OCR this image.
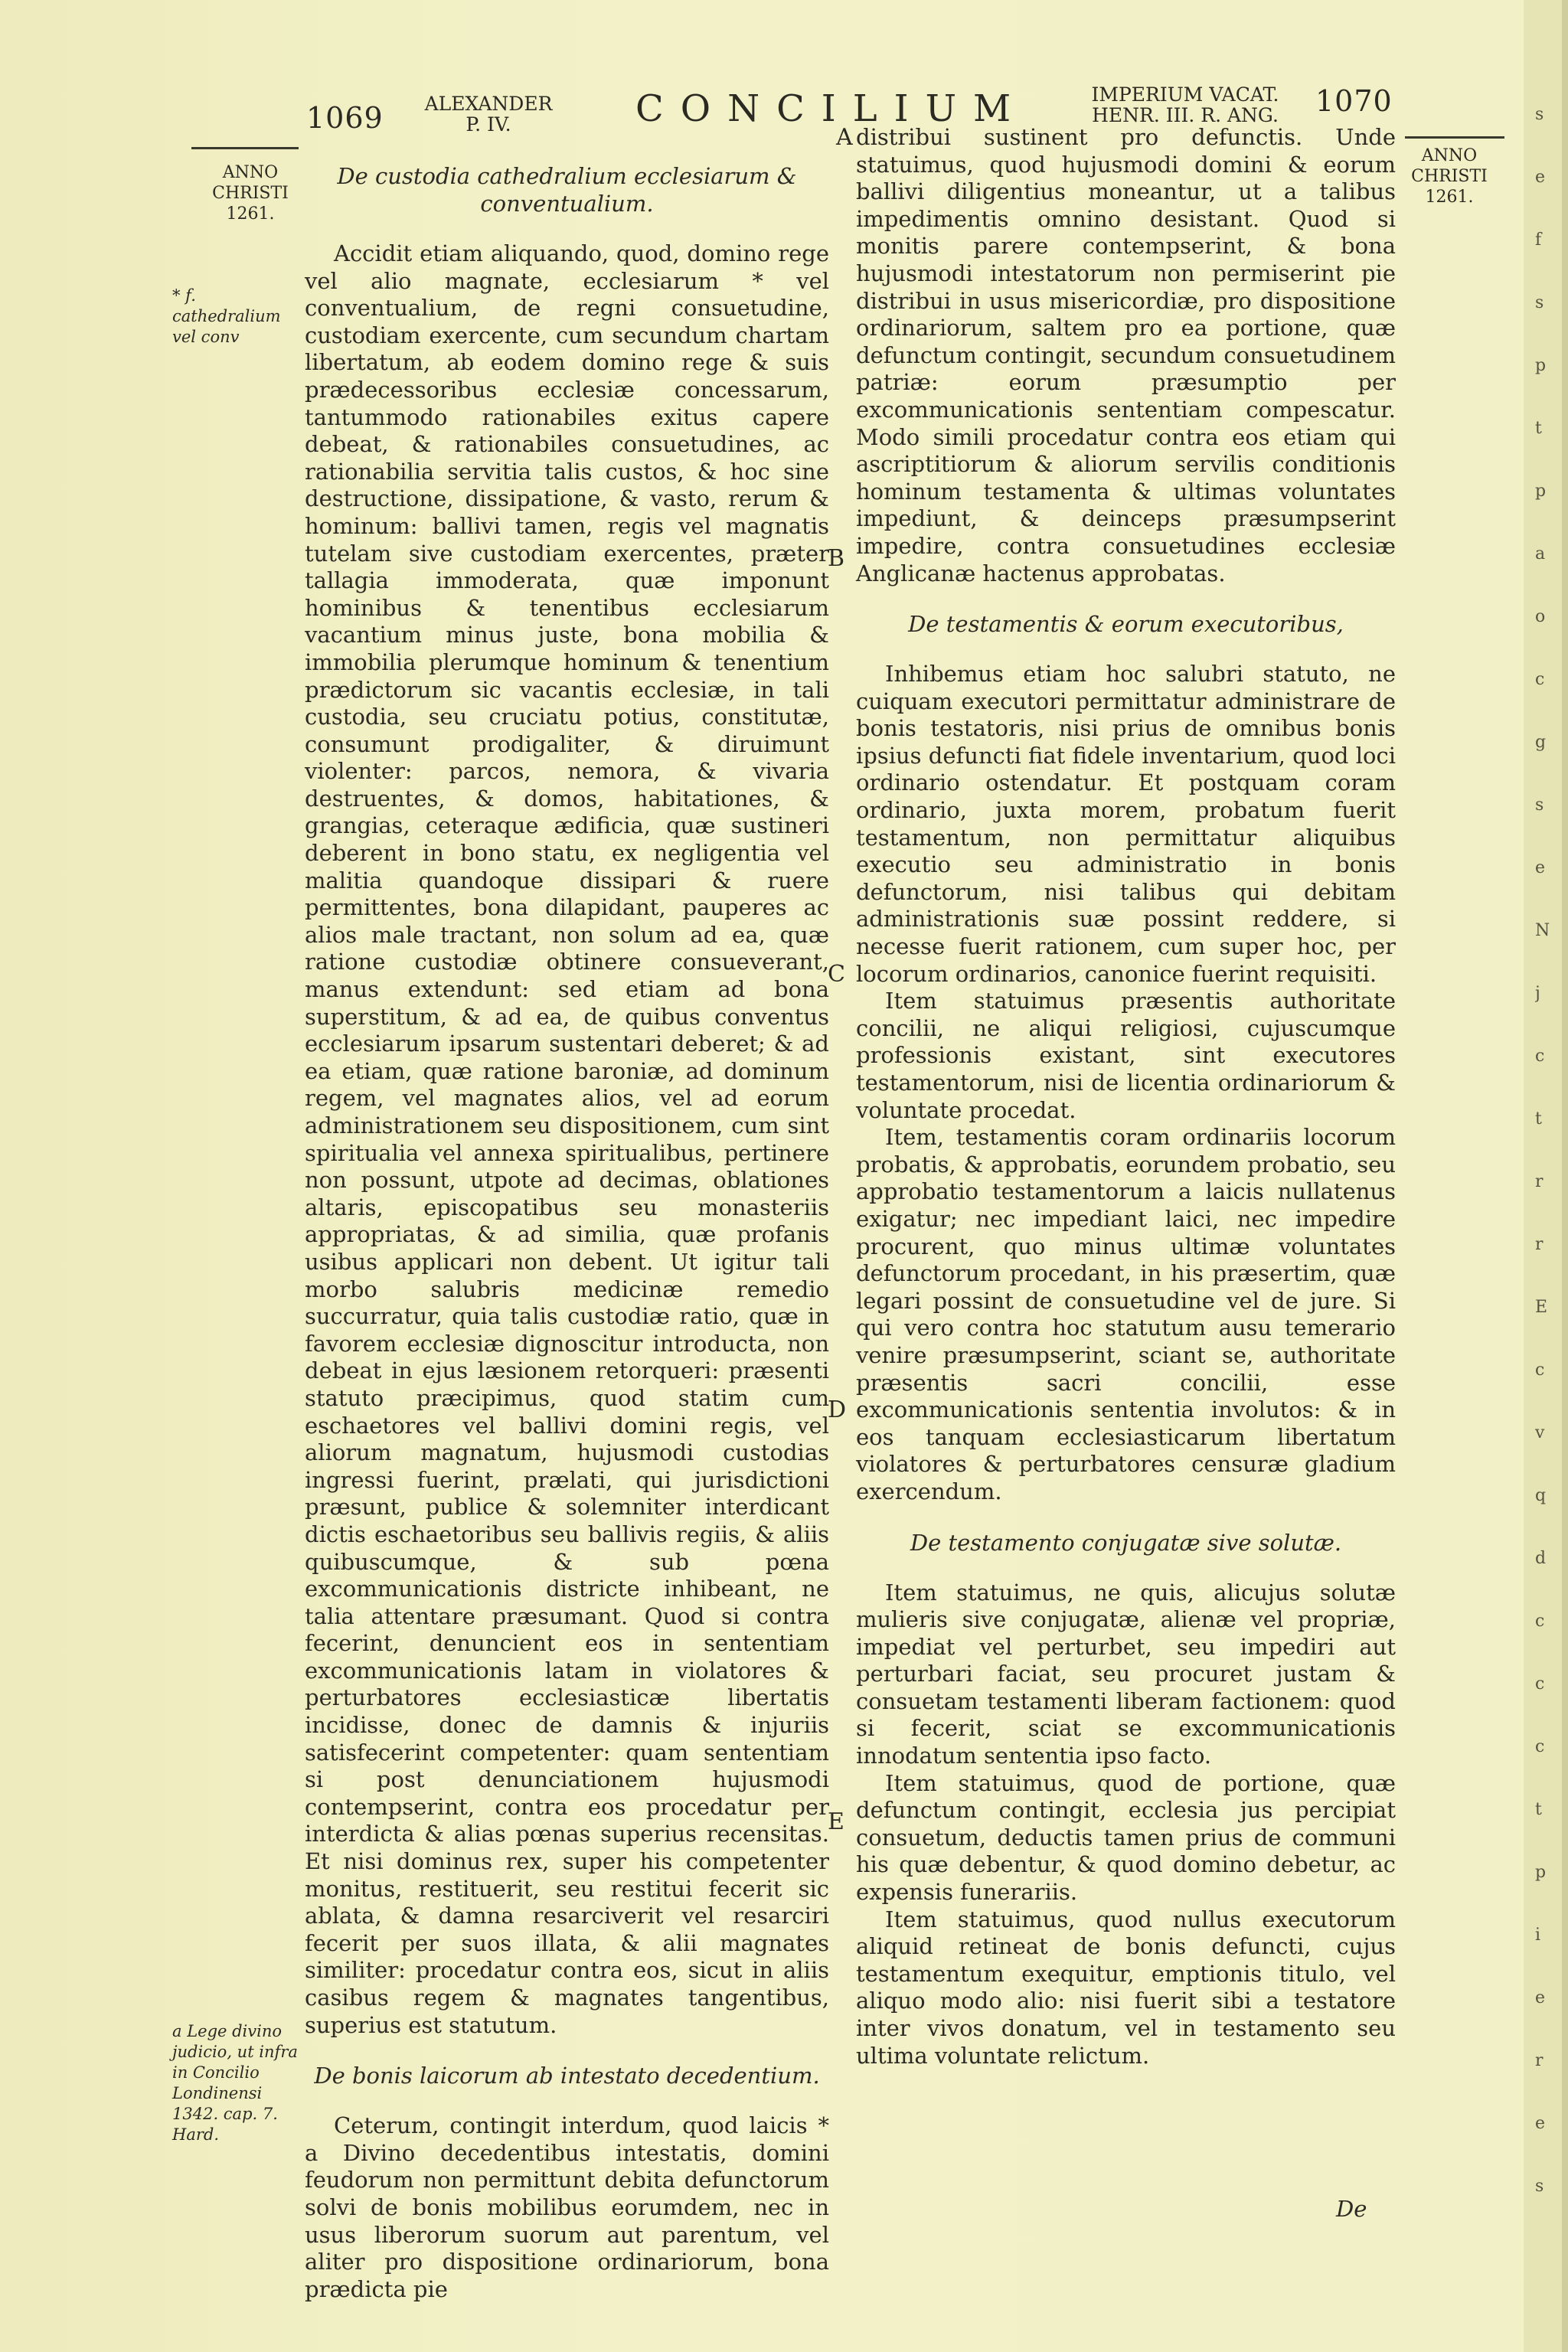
s
e
f
s
p
t
p
a
o
c
g
s
e
N
j
c
t
r
r
E
c
v
q
d
c
c
c
t
p
i
e
r
e
s
1069 ALEXANDER
P. IV.	CONCILIUM	IMPERIUM VACAT.
HENR. III. R. ANG.	1070
ANNO
CHRISTI
1261.
ANNO
CHRISTI
1261.
* f. cathedralium vel conv
a Lege divino judicio, ut infra in Concilio Londinensi 1342. cap. 7. Hard.
A
B
C
D
E

De custodia cathedralium ecclesiarum & conventualium.

Accidit etiam aliquando, quod, domino rege vel alio magnate, ecclesiarum * vel conventualium, de regni consuetudine, custodiam exercente, cum secundum chartam libertatum, ab eodem domino rege & suis prædecessoribus ecclesiæ concessarum, tantummodo rationabiles exitus capere debeat, & rationabiles consuetudines, ac rationabilia servitia talis custos, & hoc sine destructione, dissipatione, & vasto, rerum & hominum: ballivi tamen, regis vel magnatis tutelam sive custodiam exercentes, præter tallagia immoderata, quæ imponunt hominibus & tenentibus ecclesiarum vacantium minus juste, bona mobilia & immobilia plerumque hominum & tenentium prædictorum sic vacantis ecclesiæ, in tali custodia, seu cruciatu potius, constitutæ, consumunt prodigaliter, & diruimunt violenter: parcos, nemora, & vivaria destruentes, & domos, habitationes, & grangias, ceteraque ædificia, quæ sustineri deberent in bono statu, ex negligentia vel malitia quandoque dissipari & ruere permittentes, bona dilapidant, pauperes ac alios male tractant, non solum ad ea, quæ ratione custodiæ obtinere consueverant, manus extendunt: sed etiam ad bona superstitum, & ad ea, de quibus conventus ecclesiarum ipsarum sustentari deberet; & ad ea etiam, quæ ratione baroniæ, ad dominum regem, vel magnates alios, vel ad eorum administrationem seu dispositionem, cum sint spiritualia vel annexa spiritualibus, pertinere non possunt, utpote ad decimas, oblationes altaris, episcopatibus seu monasteriis appropriatas, & ad similia, quæ profanis usibus applicari non debent. Ut igitur tali morbo salubris medicinæ remedio succurratur, quia talis custodiæ ratio, quæ in favorem ecclesiæ dignoscitur introducta, non debeat in ejus læsionem retorqueri: præsenti statuto præcipimus, quod statim cum eschaetores vel ballivi domini regis, vel aliorum magnatum, hujusmodi custodias ingressi fuerint, prælati, qui jurisdictioni præsunt, publice & solemniter interdicant dictis eschaetoribus seu ballivis regiis, & aliis quibuscumque, & sub pœna excommunicationis districte inhibeant, ne talia attentare præsumant. Quod si contra fecerint, denuncient eos in sententiam excommunicationis latam in violatores & perturbatores ecclesiasticæ libertatis incidisse, donec de damnis & injuriis satisfecerint competenter: quam sententiam si post denunciationem hujusmodi contempserint, contra eos procedatur per interdicta & alias pœnas superius recensitas. Et nisi dominus rex, super his competenter monitus, restituerit, seu restitui fecerit sic ablata, & damna resarciverit vel resarciri fecerit per suos illata, & alii magnates similiter: procedatur contra eos, sicut in aliis casibus regem & magnates tangentibus, superius est statutum.

De bonis laicorum ab intestato decedentium.

Ceterum, contingit interdum, quod laicis * a Divino decedentibus intestatis, domini feudorum non permittunt debita defunctorum solvi de bonis mobilibus eorumdem, nec in usus liberorum suorum aut parentum, vel aliter pro dispositione ordinariorum, bona prædicta pie

distribui sustinent pro defunctis. Unde statuimus, quod hujusmodi domini & eorum ballivi diligentius moneantur, ut a talibus impedimentis omnino desistant. Quod si monitis parere contempserint, & bona hujusmodi intestatorum non permiserint pie distribui in usus misericordiæ, pro dispositione ordinariorum, saltem pro ea portione, quæ defunctum contingit, secundum consuetudinem patriæ: eorum præsumptio per excommunicationis sententiam compescatur. Modo simili procedatur contra eos etiam qui ascriptitiorum & aliorum servilis conditionis hominum testamenta & ultimas voluntates impediunt, & deinceps præsumpserint impedire, contra consuetudines ecclesiæ Anglicanæ hactenus approbatas.

De testamentis & eorum executoribus,

Inhibemus etiam hoc salubri statuto, ne cuiquam executori permittatur administrare de bonis testatoris, nisi prius de omnibus bonis ipsius defuncti fiat fidele inventarium, quod loci ordinario ostendatur. Et postquam coram ordinario, juxta morem, probatum fuerit testamentum, non permittatur aliquibus executio seu administratio in bonis defunctorum, nisi talibus qui debitam administrationis suæ possint reddere, si necesse fuerit rationem, cum super hoc, per locorum ordinarios, canonice fuerint requisiti.

Item statuimus præsentis authoritate concilii, ne aliqui religiosi, cujuscumque professionis existant, sint executores testamentorum, nisi de licentia ordinariorum & voluntate procedat.

Item, testamentis coram ordinariis locorum probatis, & approbatis, eorundem probatio, seu approbatio testamentorum a laicis nullatenus exigatur; nec impediant laici, nec impedire procurent, quo minus ultimæ voluntates defunctorum procedant, in his præsertim, quæ legari possint de consuetudine vel de jure. Si qui vero contra hoc statutum ausu temerario venire præsumpserint, sciant se, authoritate præsentis sacri concilii, esse excommunicationis sententia involutos: & in eos tanquam ecclesiasticarum libertatum violatores & perturbatores censuræ gladium exercendum.

De testamento conjugatæ sive solutæ.

Item statuimus, ne quis, alicujus solutæ mulieris sive conjugatæ, alienæ vel propriæ, impediat vel perturbet, seu impediri aut perturbari faciat, seu procuret justam & consuetam testamenti liberam factionem: quod si fecerit, sciat se excommunicationis innodatum sententia ipso facto.

Item statuimus, quod de portione, quæ defunctum contingit, ecclesia jus percipiat consuetum, deductis tamen prius de communi his quæ debentur, & quod domino debetur, ac expensis funerariis.

Item statuimus, quod nullus executorum aliquid retineat de bonis defuncti, cujus testamentum exequitur, emptionis titulo, vel aliquo modo alio: nisi fuerit sibi a testatore inter vivos donatum, vel in testamento seu ultima voluntate relictum.

De
